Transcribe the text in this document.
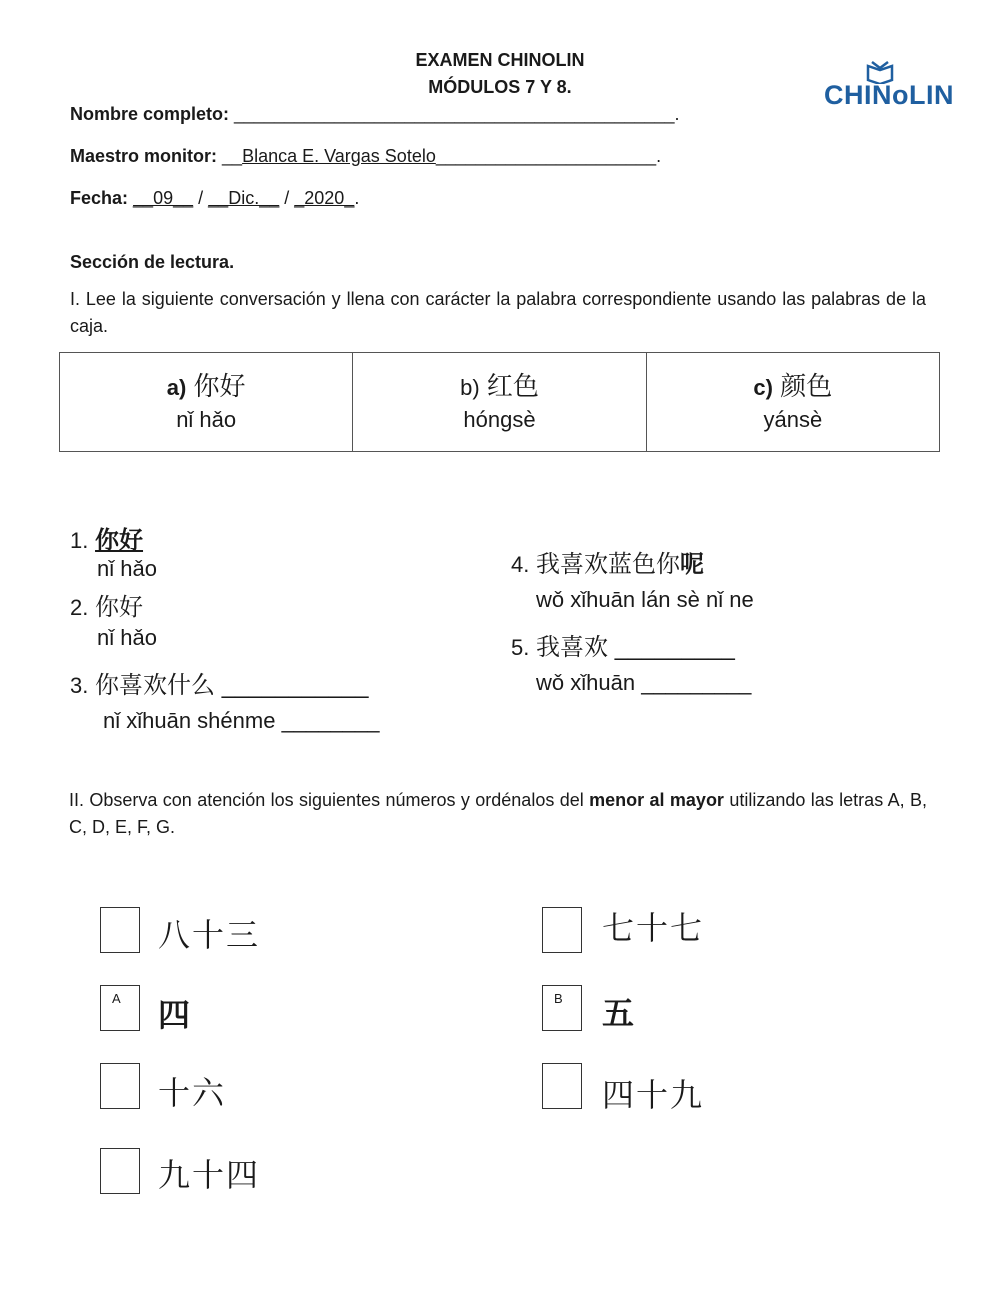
EXAMEN CHINOLIN
MÓDULOS 7 Y 8.	CHINoLIN
Nombre completo: ____________________________________________.
Maestro monitor: __Blanca E. Vargas Sotelo______________________.
Fecha: __09__ / __Dic.__ / _2020_.
Sección de lectura.
I. Lee la siguiente conversación y llena con carácter la palabra correspondiente usando las palabras de la caja.
a) 你好
nǐ hǎo

b) 红色
hóngsè

c) 颜色
yánsè
1. 你好
nǐ hǎo
2. 你好
nǐ hǎo
3. 你喜欢什么 ___________
nǐ xǐhuān shénme ________
4. 我喜欢蓝色你呢
wǒ xǐhuān lán sè nǐ ne
5. 我喜欢 _________
wǒ xǐhuān _________
II. Observa con atención los siguientes números y ordénalos del menor al mayor utilizando las letras A, B, C, D, E, F, G.
八十三
A 四
十六
九十四
七十七
B 五
四十九
